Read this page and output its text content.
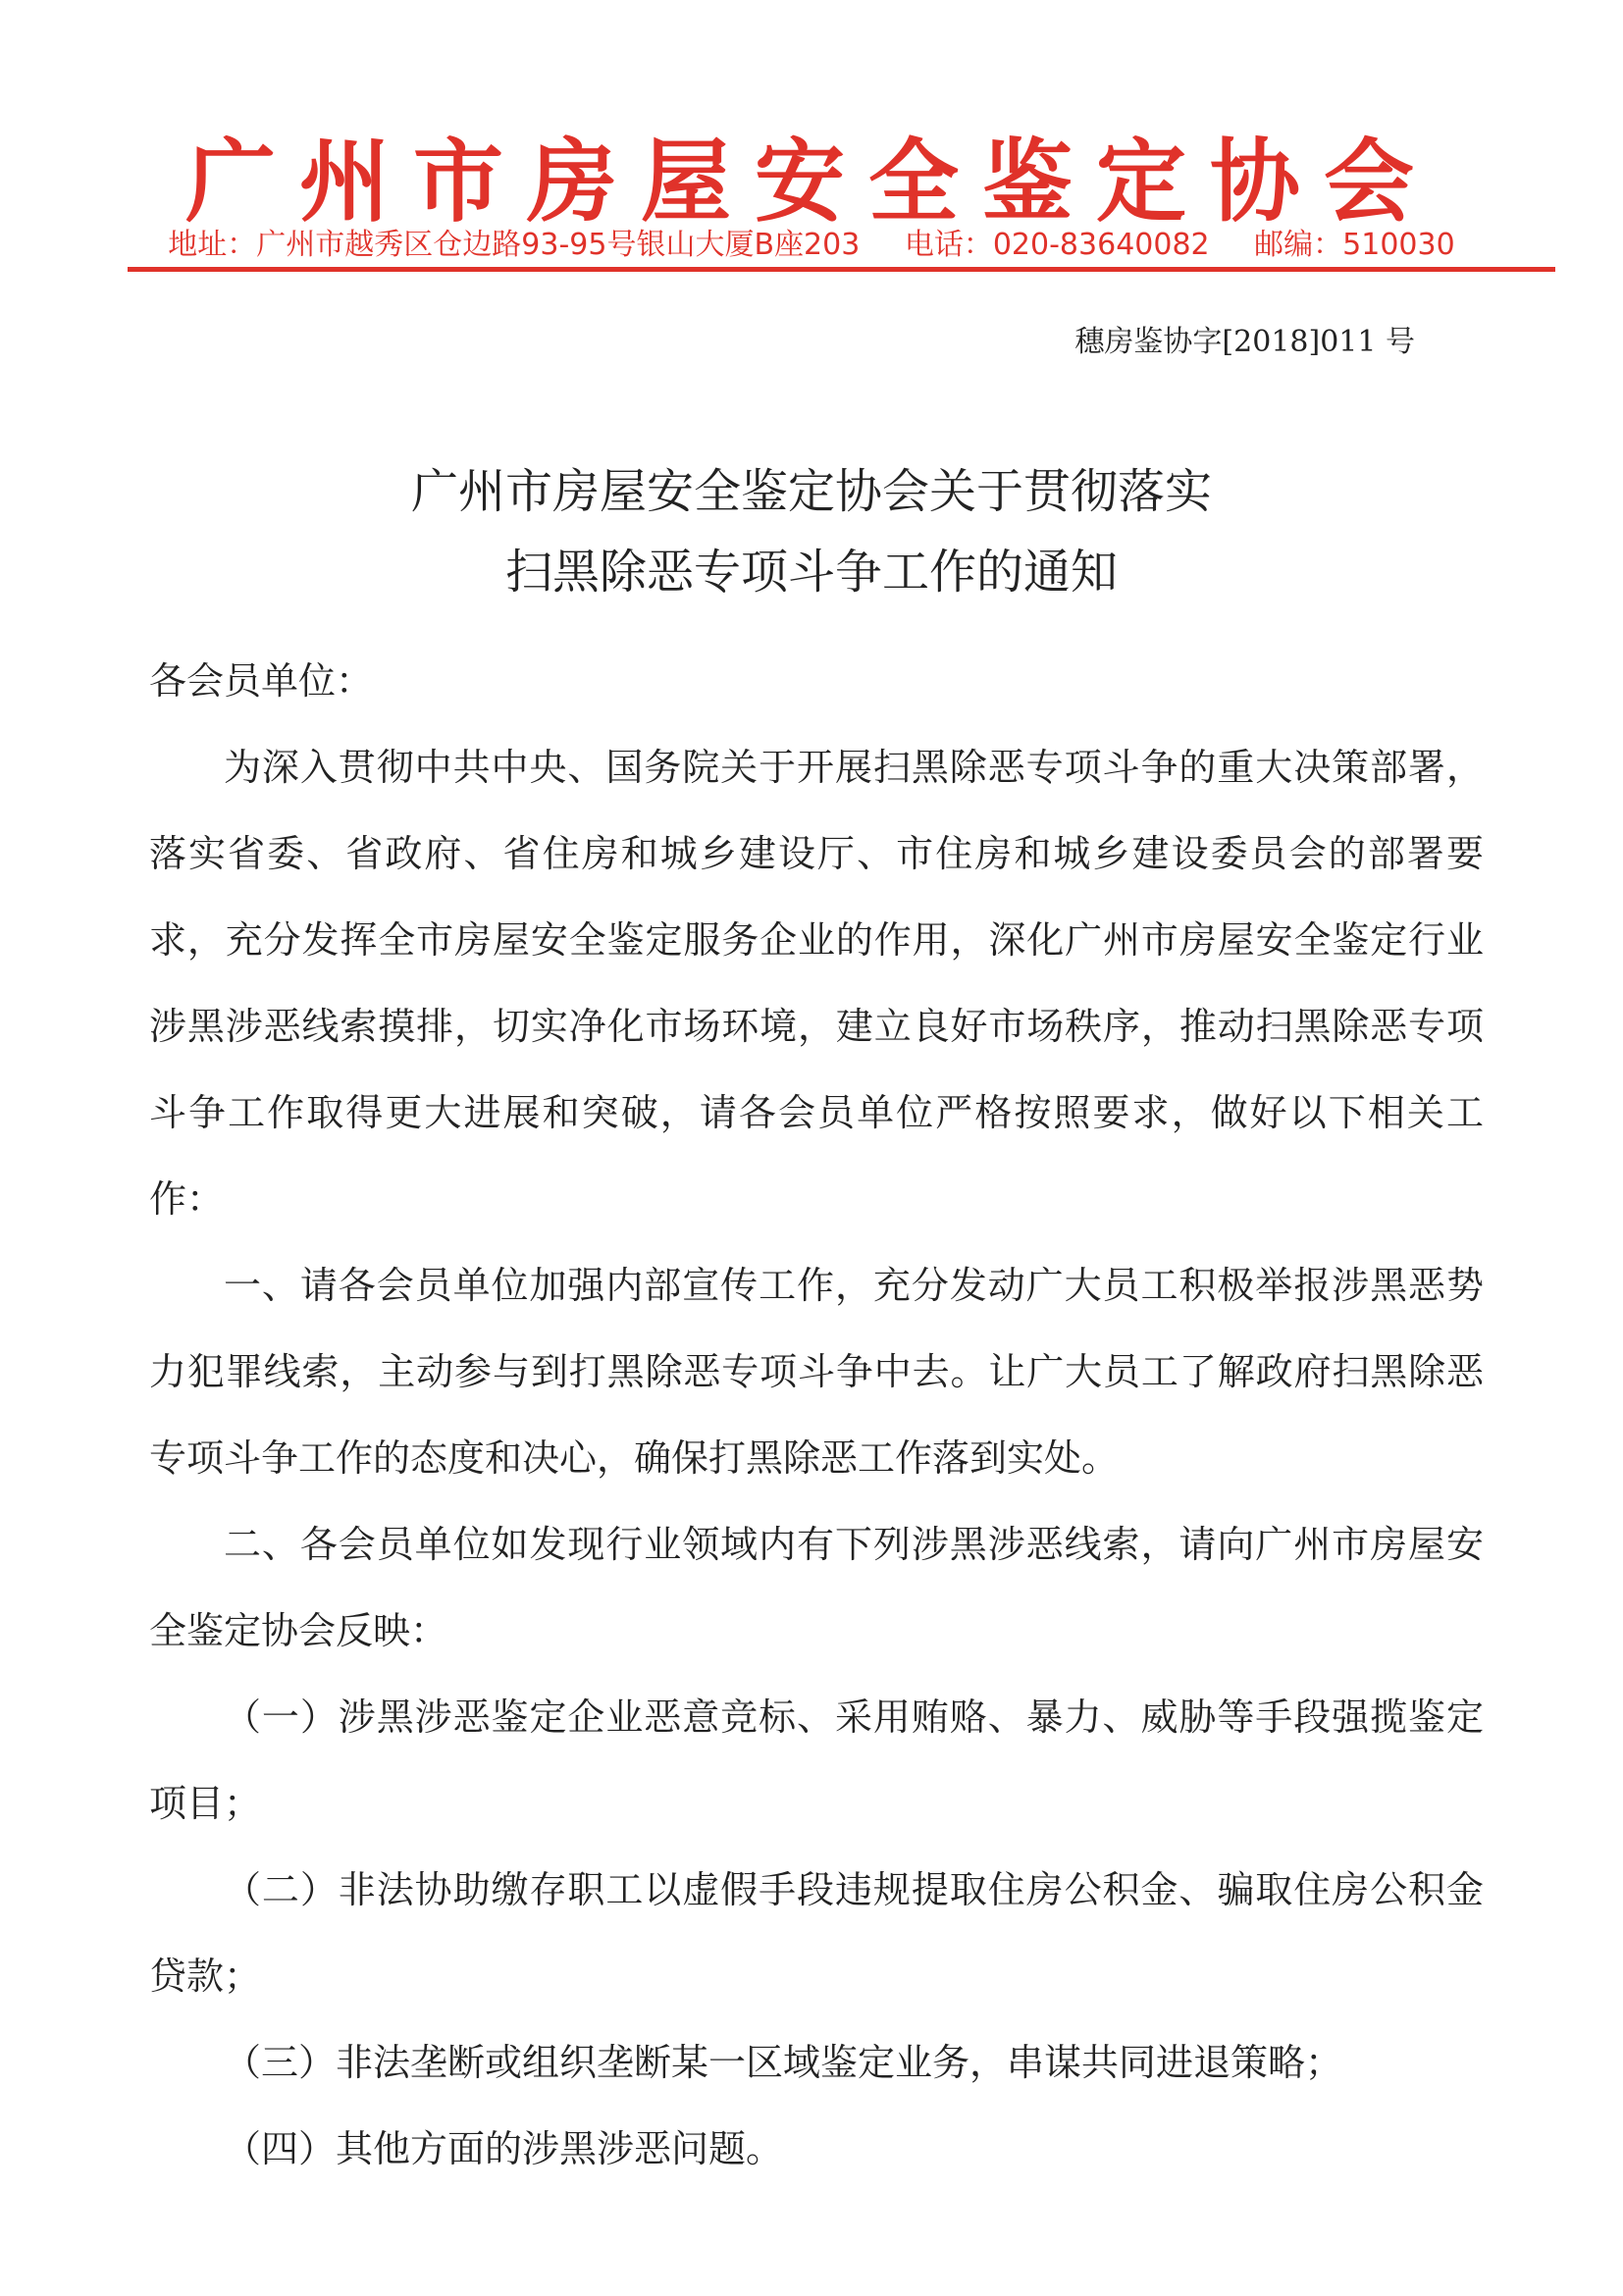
广州市房屋安全鉴定协会
地址：广州市越秀区仓边路93-95号银山大厦B座203 电话：020-83640082 邮编：510030
穗房鉴协字[2018]011 号
广州市房屋安全鉴定协会关于贯彻落实
扫黑除恶专项斗争工作的通知

各会员单位：

为深入贯彻中共中央、国务院关于开展扫黑除恶专项斗争的重大决策部署，落实省委、省政府、省住房和城乡建设厅、市住房和城乡建设委员会的部署要求，充分发挥全市房屋安全鉴定服务企业的作用，深化广州市房屋安全鉴定行业涉黑涉恶线索摸排，切实净化市场环境，建立良好市场秩序，推动扫黑除恶专项斗争工作取得更大进展和突破，请各会员单位严格按照要求，做好以下相关工作：

一、请各会员单位加强内部宣传工作，充分发动广大员工积极举报涉黑恶势力犯罪线索，主动参与到打黑除恶专项斗争中去。让广大员工了解政府扫黑除恶专项斗争工作的态度和决心，确保打黑除恶工作落到实处。

二、各会员单位如发现行业领域内有下列涉黑涉恶线索，请向广州市房屋安全鉴定协会反映：

（一）涉黑涉恶鉴定企业恶意竞标、采用贿赂、暴力、威胁等手段强揽鉴定项目；

（二）非法协助缴存职工以虚假手段违规提取住房公积金、骗取住房公积金贷款；

（三）非法垄断或组织垄断某一区域鉴定业务，串谋共同进退策略；

（四）其他方面的涉黑涉恶问题。
